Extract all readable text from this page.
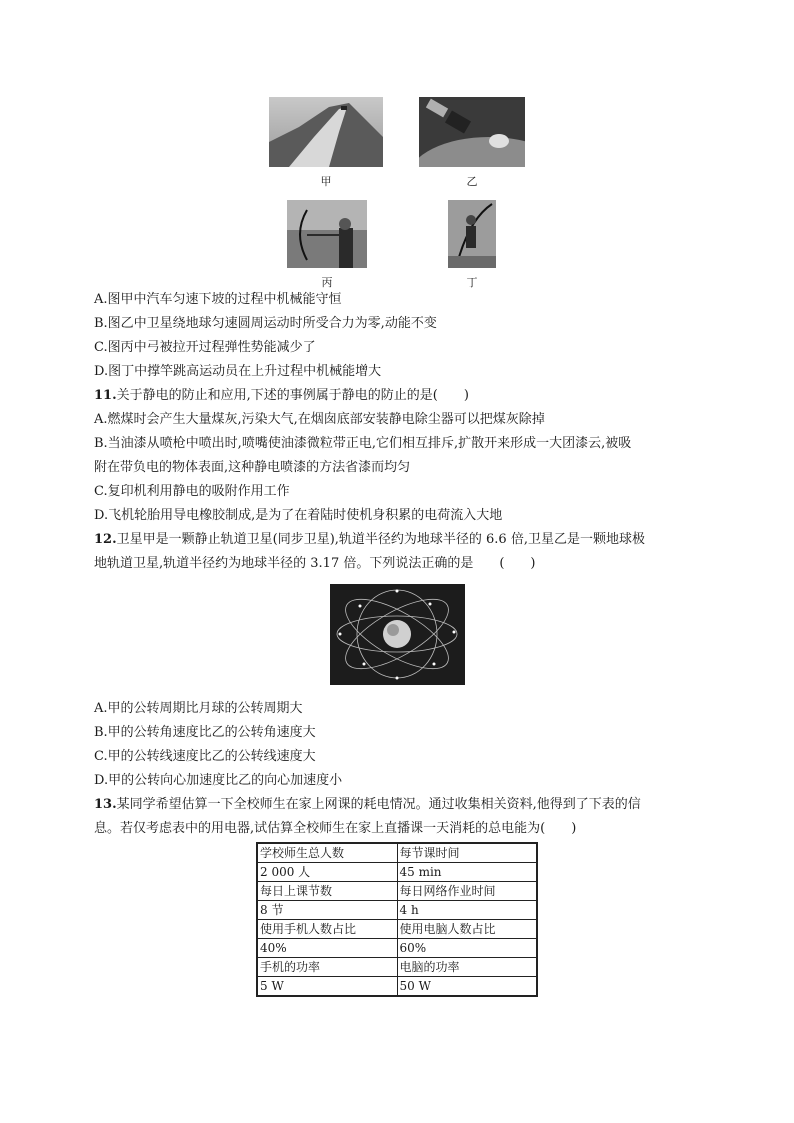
甲	乙
丙	丁
A.图甲中汽车匀速下坡的过程中机械能守恒
B.图乙中卫星绕地球匀速圆周运动时所受合力为零,动能不变
C.图丙中弓被拉开过程弹性势能减少了
D.图丁中撑竿跳高运动员在上升过程中机械能增大
11.关于静电的防止和应用,下述的事例属于静电的防止的是(　　)
A.燃煤时会产生大量煤灰,污染大气,在烟囱底部安装静电除尘器可以把煤灰除掉
B.当油漆从喷枪中喷出时,喷嘴使油漆微粒带正电,它们相互排斥,扩散开来形成一大团漆云,被吸
附在带负电的物体表面,这种静电喷漆的方法省漆而均匀
C.复印机利用静电的吸附作用工作
D.飞机轮胎用导电橡胶制成,是为了在着陆时使机身积累的电荷流入大地
12.卫星甲是一颗静止轨道卫星(同步卫星),轨道半径约为地球半径的 6.6 倍,卫星乙是一颗地球极
地轨道卫星,轨道半径约为地球半径的 3.17 倍。下列说法正确的是　　(　　)
A.甲的公转周期比月球的公转周期大
B.甲的公转角速度比乙的公转角速度大
C.甲的公转线速度比乙的公转线速度大
D.甲的公转向心加速度比乙的向心加速度小
13.某同学希望估算一下全校师生在家上网课的耗电情况。通过收集相关资料,他得到了下表的信
息。若仅考虑表中的用电器,试估算全校师生在家上直播课一天消耗的总电能为(　　)
学校师生总人数	每节课时间
2 000 人	45 min
每日上课节数	每日网络作业时间
8 节	4 h
使用手机人数占比	使用电脑人数占比
40%	60%
手机的功率	电脑的功率
5 W	50 W
